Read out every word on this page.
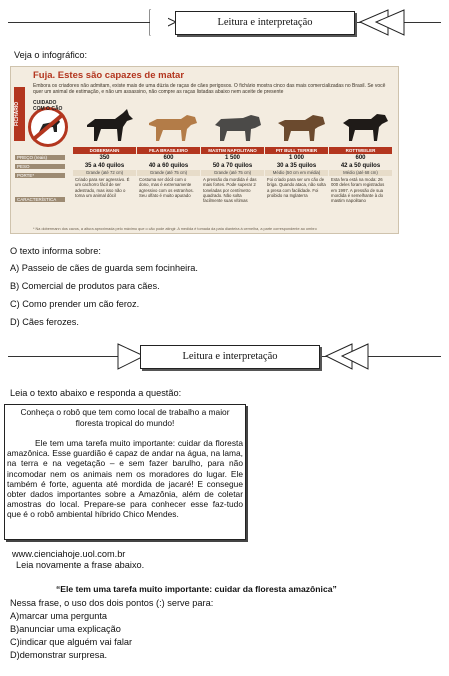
Leitura e interpretação
Veja o infográfico:
FICHÁRIO
Fuja. Estes são capazes de matar
Embora os criadores não admitam, existe mais de uma dúzia de raças de cães perigosos. O fichário mostra cinco das mais comercializadas no Brasil. Se você quer um animal de estimação, e não um assassino, não compre as raças listadas abaixo nem aceite de presente
CUIDADO COM O CÃO
PREÇO (reais)
PESO
PORTE*
CARACTERÍSTICA
DOBERMANN
350
35 a 40 quilos
Grande (até 72 cm)
Criado para ser agressivo. É um cachorro fácil de ser adestrado, mas isso não o torna um animal dócil
FILA BRASILEIRO
600
40 a 60 quilos
Grande (até 75 cm)
Costuma ser dócil com o dono, mas é extremamente agressivo com os estranhos. Seu olfato é muito apurado
MASTIM NAPOLITANO
1 500
50 a 70 quilos
Grande (até 75 cm)
A pressão da mordida é das mais fortes. Pode superar 2 toneladas por centímetro quadrado. Não solta facilmente suas vítimas
PIT BULL TERRIER
1 000
30 a 35 quilos
Médio (50 cm em média)
Foi criado para ser um cão de briga. Quando ataca, não solta a presa com facilidade. Foi proibido na Inglaterra
ROTTWEILER
600
42 a 50 quilos
Médio (até 68 cm)
Esta fera está na moda: 26 000 deles foram registrados em 1997. A pressão de sua mordida é semelhante à do mastim napolitano
* Na dobermann dos cavos, a altura aproximada pelo máximo que o cão pode atingir. A medida é tomada da pata dianteira à cernelha, a parte correspondente ao ombro
O texto informa sobre:
A) Passeio de cães de guarda sem focinheira.
B) Comercial de produtos para cães.
C) Como prender um cão feroz.
D) Cães ferozes.
Leitura e interpretação
Leia o texto abaixo e responda a questão:
Conheça o robô que tem como local de trabalho a maior floresta tropical do mundo!
Ele tem uma tarefa muito importante: cuidar da floresta amazônica. Esse guardião é capaz de andar na água, na lama, na terra e na vegetação – e sem fazer barulho, para não incomodar nem os animais nem os moradores do lugar. Ele também é forte, aguenta até mordida de jacaré! E consegue obter dados importantes sobre a Amazônia, além de coletar amostras do local. Prepare-se para conhecer esse faz-tudo que é o robô ambiental híbrido Chico Mendes.
www.cienciahoje.uol.com.br
Leia novamente a frase abaixo.
“Ele tem uma tarefa muito importante: cuidar da floresta amazônica”
Nessa frase, o uso dos dois pontos (:) serve para:
A)marcar uma pergunta
B)anunciar uma explicação
C)indicar que alguém vai falar
D)demonstrar surpresa.
